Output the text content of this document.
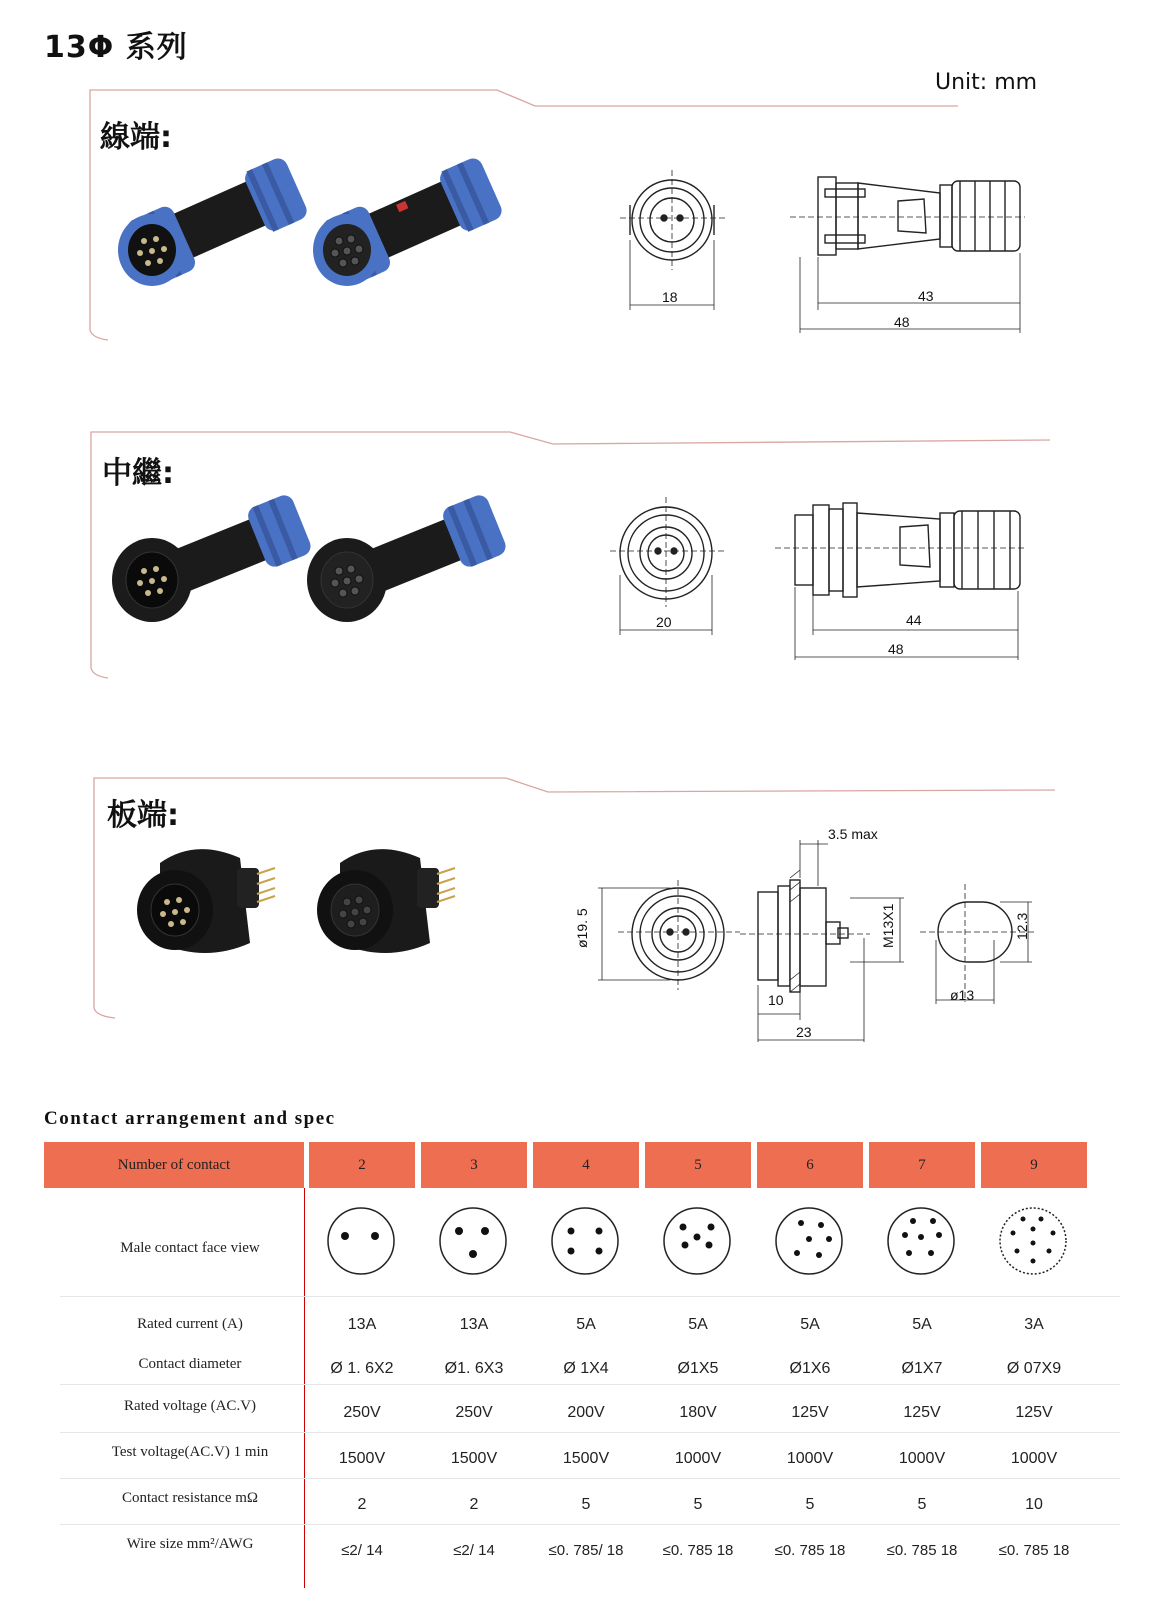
13Φ 系列
Unit: mm
線端:
中繼:
板端:
18	43
48
20	44
48
ø19. 5
3.5 max
M13X1
10
23
12.3
ø13
Contact arrangement and spec
Number of contact	2	3	4	5	6	7	9
Male contact face view
Rated current (A)	13A	13A	5A	5A	5A	5A	3A
Contact diameter	Ø 1. 6X2	Ø1. 6X3	Ø 1X4	Ø1X5	Ø1X6	Ø1X7	Ø 07X9
Rated voltage (AC.V)	250V	250V	200V	180V	125V	125V	125V
Test voltage(AC.V) 1 min	1500V	1500V	1500V	1000V	1000V	1000V	1000V
Contact resistance mΩ	2	2	5	5	5	5	10
Wire size mm²/AWG	≤2/ 14	≤2/ 14	≤0. 785/ 18	≤0. 785 18	≤0. 785 18	≤0. 785 18	≤0. 785 18
